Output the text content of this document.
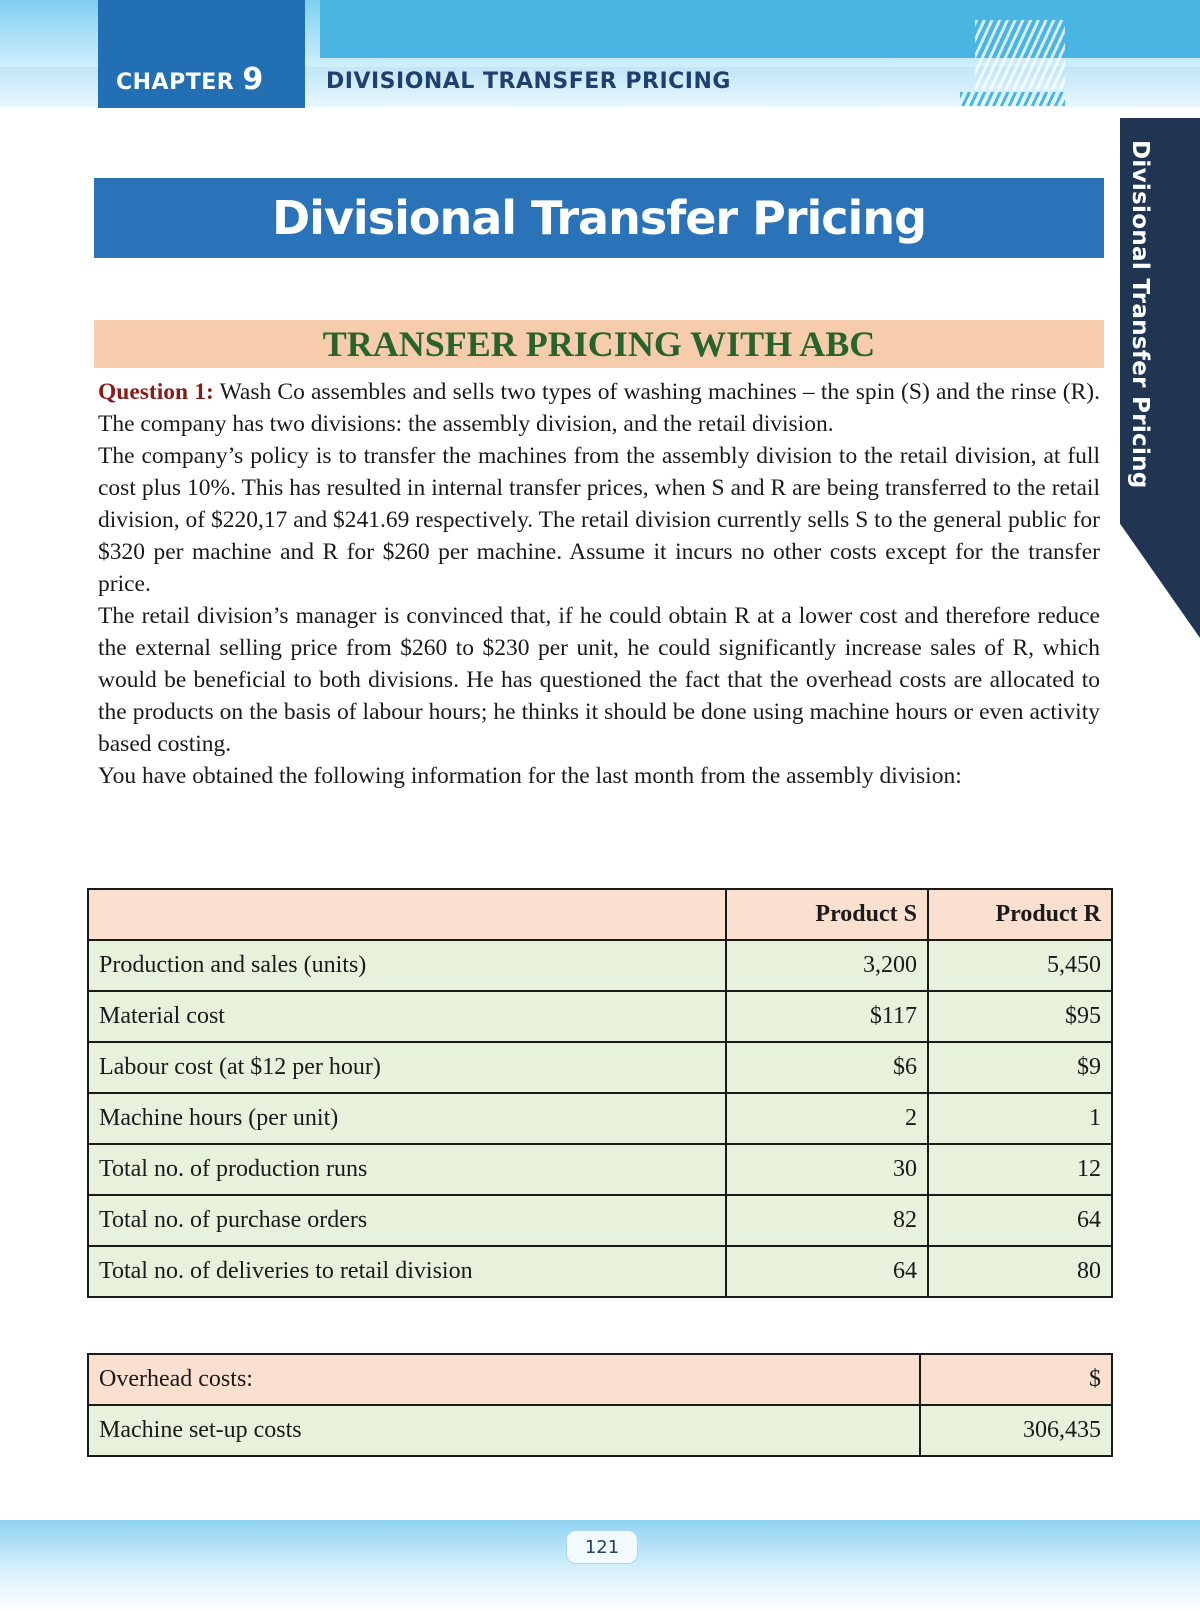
CHAPTER 9	DIVISIONAL TRANSFER PRICING
Divisional Transfer Pricing
Divisional Transfer Pricing
TRANSFER PRICING WITH ABC

Question 1: Wash Co assembles and sells two types of washing machines – the spin (S) and the rinse (R). The company has two divisions: the assembly division, and the retail division.

The company’s policy is to transfer the machines from the assembly division to the retail division, at full cost plus 10%. This has resulted in internal transfer prices, when S and R are being transferred to the retail division, of $220,17 and $241.69 respectively. The retail division currently sells S to the general public for $320 per machine and R for $260 per machine. Assume it incurs no other costs except for the transfer price.

The retail division’s manager is convinced that, if he could obtain R at a lower cost and therefore reduce the external selling price from $260 to $230 per unit, he could significantly increase sales of R, which would be beneficial to both divisions. He has questioned the fact that the overhead costs are allocated to the products on the basis of labour hours; he thinks it should be done using machine hours or even activity based costing.

You have obtained the following information for the last month from the assembly division:

	Product S	Product R
Production and sales (units)	3,200	5,450
Material cost	$117	$95
Labour cost (at $12 per hour)	$6	$9
Machine hours (per unit)	2	1
Total no. of production runs	30	12
Total no. of purchase orders	82	64
Total no. of deliveries to retail division	64	80
Overhead costs:	$
Machine set-up costs	306,435
121
